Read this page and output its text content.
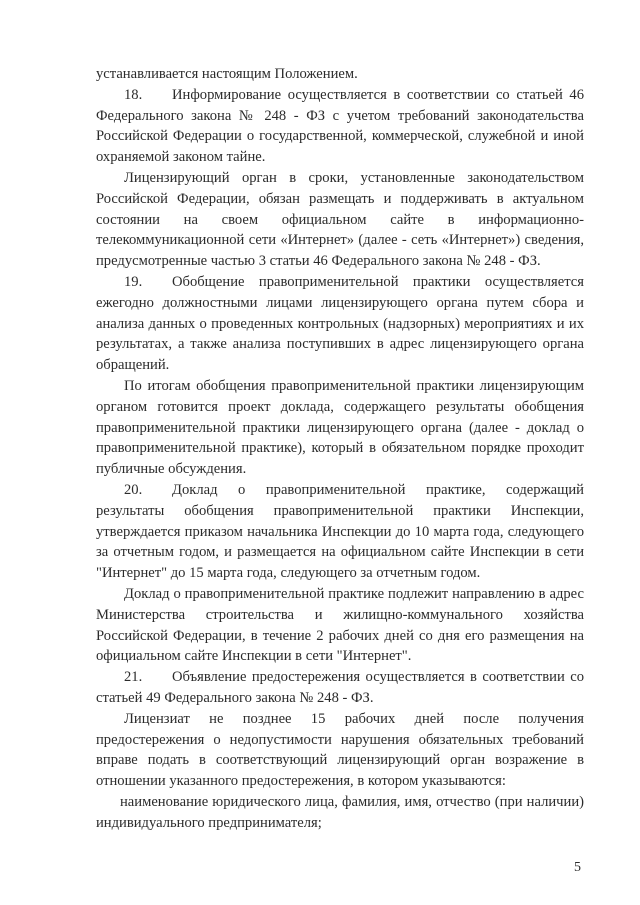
устанавливается настоящим Положением.

18. Информирование осуществляется в соответствии со статьей 46 Федерального закона № 248 - ФЗ с учетом требований законодательства Российской Федерации о государственной, коммерческой, служебной и иной охраняемой законом тайне.

Лицензирующий орган в сроки, установленные законодательством Российской Федерации, обязан размещать и поддерживать в актуальном состоянии на своем официальном сайте в информационно-телекоммуникационной сети «Интернет» (далее - сеть «Интернет») сведения, предусмотренные частью 3 статьи 46 Федерального закона № 248 - ФЗ.

19. Обобщение правоприменительной практики осуществляется ежегодно должностными лицами лицензирующего органа путем сбора и анализа данных о проведенных контрольных (надзорных) мероприятиях и их результатах, а также анализа поступивших в адрес лицензирующего органа обращений.

По итогам обобщения правоприменительной практики лицензирующим органом готовится проект доклада, содержащего результаты обобщения правоприменительной практики лицензирующего органа (далее - доклад о правоприменительной практике), который в обязательном порядке проходит публичные обсуждения.

20. Доклад о правоприменительной практике, содержащий результаты обобщения правоприменительной практики Инспекции, утверждается приказом начальника Инспекции до 10 марта года, следующего за отчетным годом, и размещается на официальном сайте Инспекции в сети "Интернет" до 15 марта года, следующего за отчетным годом.

Доклад о правоприменительной практике подлежит направлению в адрес Министерства строительства и жилищно-коммунального хозяйства Российской Федерации, в течение 2 рабочих дней со дня его размещения на официальном сайте Инспекции в сети "Интернет".

21. Объявление предостережения осуществляется в соответствии со статьей 49 Федерального закона № 248 - ФЗ.

Лицензиат не позднее 15 рабочих дней после получения предостережения о недопустимости нарушения обязательных требований вправе подать в соответствующий лицензирующий орган возражение в отношении указанного предостережения, в котором указываются:

наименование юридического лица, фамилия, имя, отчество (при наличии) индивидуального предпринимателя;

5
